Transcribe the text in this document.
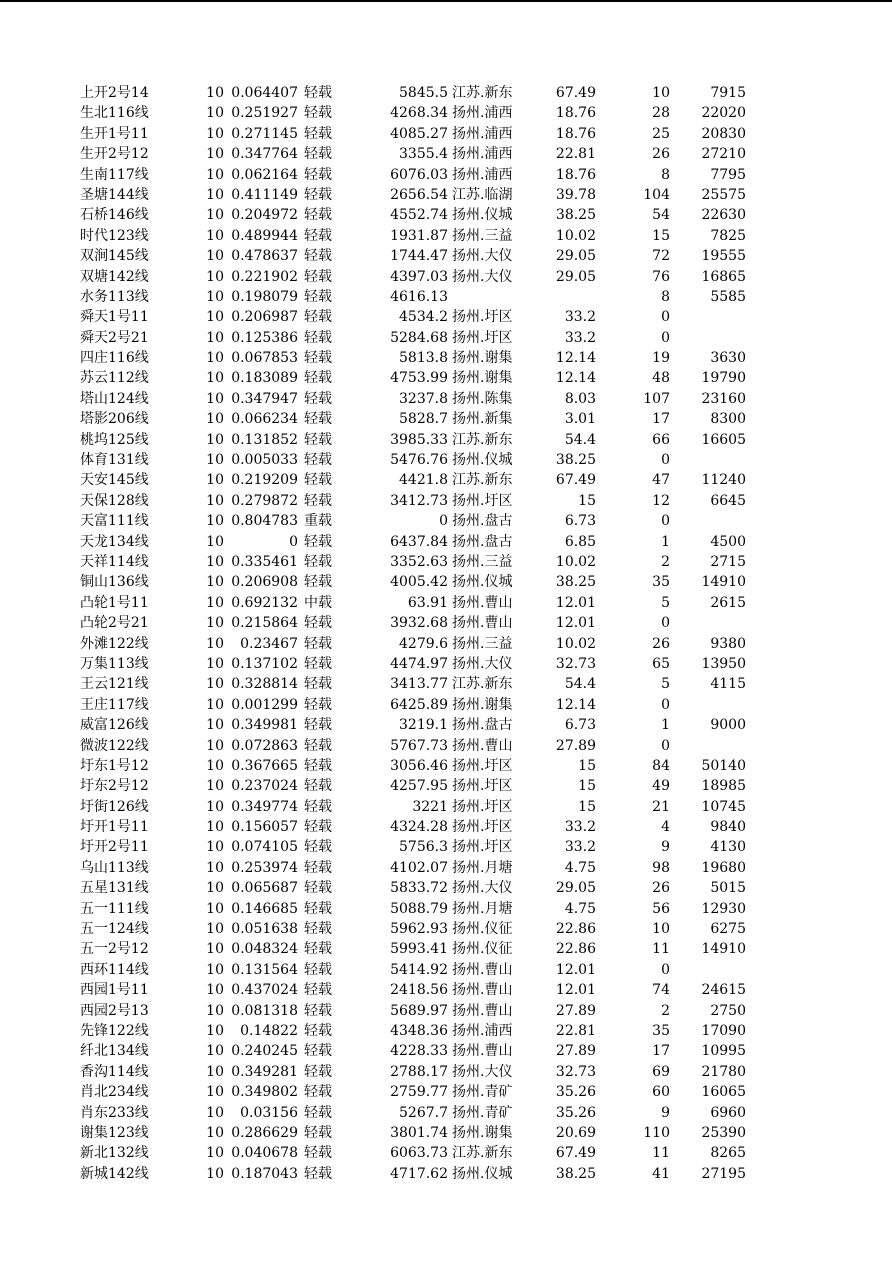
上开2号14	10 0.064407 轻载	5845.5 江苏.新东	67.49	10	7915
生北116线	10 0.251927 轻载	4268.34 扬州.浦西	18.76	28	22020
生开1号11	10 0.271145 轻载	4085.27 扬州.浦西	18.76	25	20830
生开2号12	10 0.347764 轻载	3355.4 扬州.浦西	22.81	26	27210
生南117线	10 0.062164 轻载	6076.03 扬州.浦西	18.76	8	7795
圣塘144线	10 0.411149 轻载	2656.54 江苏.临湖	39.78	104	25575
石桥146线	10 0.204972 轻载	4552.74 扬州.仪城	38.25	54	22630
时代123线	10 0.489944 轻载	1931.87 扬州.三益	10.02	15	7825
双涧145线	10 0.478637 轻载	1744.47 扬州.大仪	29.05	72	19555
双塘142线	10 0.221902 轻载	4397.03 扬州.大仪	29.05	76	16865
水务113线	10 0.198079 轻载	4616.13	8	5585
舜天1号11	10 0.206987 轻载	4534.2 扬州.圩区	33.2	0
舜天2号21	10 0.125386 轻载	5284.68 扬州.圩区	33.2	0
四庄116线	10 0.067853 轻载	5813.8 扬州.谢集	12.14	19	3630
苏云112线	10 0.183089 轻载	4753.99 扬州.谢集	12.14	48	19790
塔山124线	10 0.347947 轻载	3237.8 扬州.陈集	8.03	107	23160
塔影206线	10 0.066234 轻载	5828.7 扬州.新集	3.01	17	8300
桃坞125线	10 0.131852 轻载	3985.33 江苏.新东	54.4	66	16605
体育131线	10 0.005033 轻载	5476.76 扬州.仪城	38.25	0
天安145线	10 0.219209 轻载	4421.8 江苏.新东	67.49	47	11240
天保128线	10 0.279872 轻载	3412.73 扬州.圩区	15	12	6645
天富111线	10 0.804783 重载	0 扬州.盘古	6.73	0
天龙134线	10	0 轻载	6437.84 扬州.盘古	6.85	1	4500
天祥114线	10 0.335461 轻载	3352.63 扬州.三益	10.02	2	2715
铜山136线	10 0.206908 轻载	4005.42 扬州.仪城	38.25	35	14910
凸轮1号11	10 0.692132 中载	63.91 扬州.曹山	12.01	5	2615
凸轮2号21	10 0.215864 轻载	3932.68 扬州.曹山	12.01	0
外滩122线	10	0.23467 轻载	4279.6 扬州.三益	10.02	26	9380
万集113线	10 0.137102 轻载	4474.97 扬州.大仪	32.73	65	13950
王云121线	10 0.328814 轻载	3413.77 江苏.新东	54.4	5	4115
王庄117线	10 0.001299 轻载	6425.89 扬州.谢集	12.14	0
威富126线	10 0.349981 轻载	3219.1 扬州.盘古	6.73	1	9000
微波122线	10 0.072863 轻载	5767.73 扬州.曹山	27.89	0
圩东1号12	10 0.367665 轻载	3056.46 扬州.圩区	15	84	50140
圩东2号12	10 0.237024 轻载	4257.95 扬州.圩区	15	49	18985
圩街126线	10 0.349774 轻载	3221 扬州.圩区	15	21	10745
圩开1号11	10 0.156057 轻载	4324.28 扬州.圩区	33.2	4	9840
圩开2号11	10 0.074105 轻载	5756.3 扬州.圩区	33.2	9	4130
乌山113线	10 0.253974 轻载	4102.07 扬州.月塘	4.75	98	19680
五星131线	10 0.065687 轻载	5833.72 扬州.大仪	29.05	26	5015
五一111线	10 0.146685 轻载	5088.79 扬州.月塘	4.75	56	12930
五一124线	10 0.051638 轻载	5962.93 扬州.仪征	22.86	10	6275
五一2号12	10 0.048324 轻载	5993.41 扬州.仪征	22.86	11	14910
西环114线	10 0.131564 轻载	5414.92 扬州.曹山	12.01	0
西园1号11	10 0.437024 轻载	2418.56 扬州.曹山	12.01	74	24615
西园2号13	10 0.081318 轻载	5689.97 扬州.曹山	27.89	2	2750
先锋122线	10	0.14822 轻载	4348.36 扬州.浦西	22.81	35	17090
纤北134线	10 0.240245 轻载	4228.33 扬州.曹山	27.89	17	10995
香沟114线	10 0.349281 轻载	2788.17 扬州.大仪	32.73	69	21780
肖北234线	10 0.349802 轻载	2759.77 扬州.青矿	35.26	60	16065
肖东233线	10	0.03156 轻载	5267.7 扬州.青矿	35.26	9	6960
谢集123线	10 0.286629 轻载	3801.74 扬州.谢集	20.69	110	25390
新北132线	10 0.040678 轻载	6063.73 江苏.新东	67.49	11	8265
新城142线	10 0.187043 轻载	4717.62 扬州.仪城	38.25	41	27195
